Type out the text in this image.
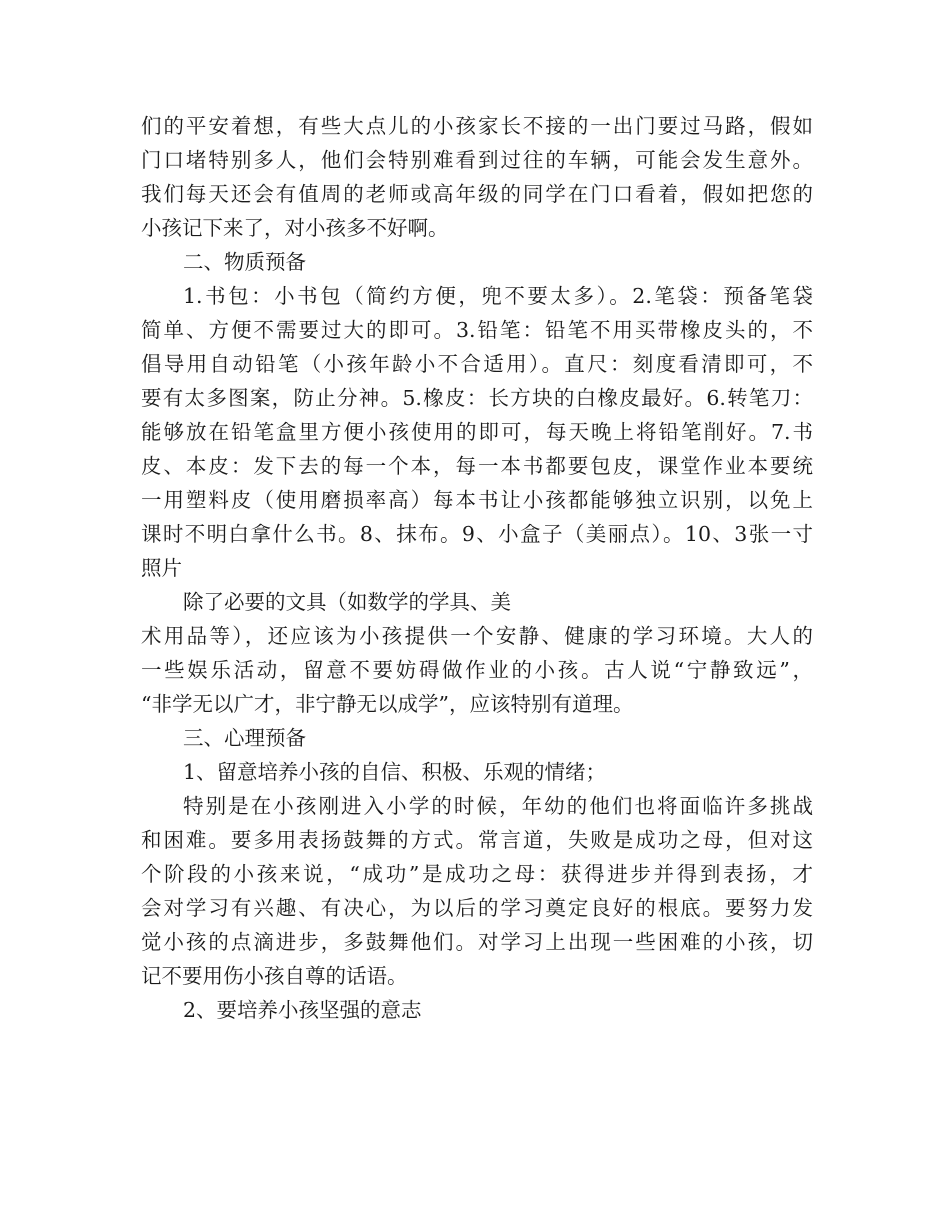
们的平安着想，有些大点儿的小孩家长不接的一出门要过马路，假如
门口堵特别多人，他们会特别难看到过往的车辆，可能会发生意外。
我们每天还会有值周的老师或高年级的同学在门口看着，假如把您的
小孩记下来了，对小孩多不好啊。
二、物质预备
1.书包：小书包（简约方便，兜不要太多）。2.笔袋：预备笔袋
简单、方便不需要过大的即可。3.铅笔：铅笔不用买带橡皮头的，不
倡导用自动铅笔（小孩年龄小不合适用）。直尺：刻度看清即可，不
要有太多图案，防止分神。5.橡皮：长方块的白橡皮最好。6.转笔刀：
能够放在铅笔盒里方便小孩使用的即可，每天晚上将铅笔削好。7.书
皮、本皮：发下去的每一个本，每一本书都要包皮，课堂作业本要统
一用塑料皮（使用磨损率高）每本书让小孩都能够独立识别，以免上
课时不明白拿什么书。8、抹布。9、小盒子（美丽点）。10、3张一寸
照片
除了必要的文具（如数学的学具、美
术用品等），还应该为小孩提供一个安静、健康的学习环境。大人的
一些娱乐活动，留意不要妨碍做作业的小孩。古人说“宁静致远”，
“非学无以广才，非宁静无以成学”，应该特别有道理。
三、心理预备
1、留意培养小孩的自信、积极、乐观的情绪；
特别是在小孩刚进入小学的时候，年幼的他们也将面临许多挑战
和困难。要多用表扬鼓舞的方式。常言道，失败是成功之母，但对这
个阶段的小孩来说，“成功”是成功之母：获得进步并得到表扬，才
会对学习有兴趣、有决心，为以后的学习奠定良好的根底。要努力发
觉小孩的点滴进步，多鼓舞他们。对学习上出现一些困难的小孩，切
记不要用伤小孩自尊的话语。
2、要培养小孩坚强的意志
